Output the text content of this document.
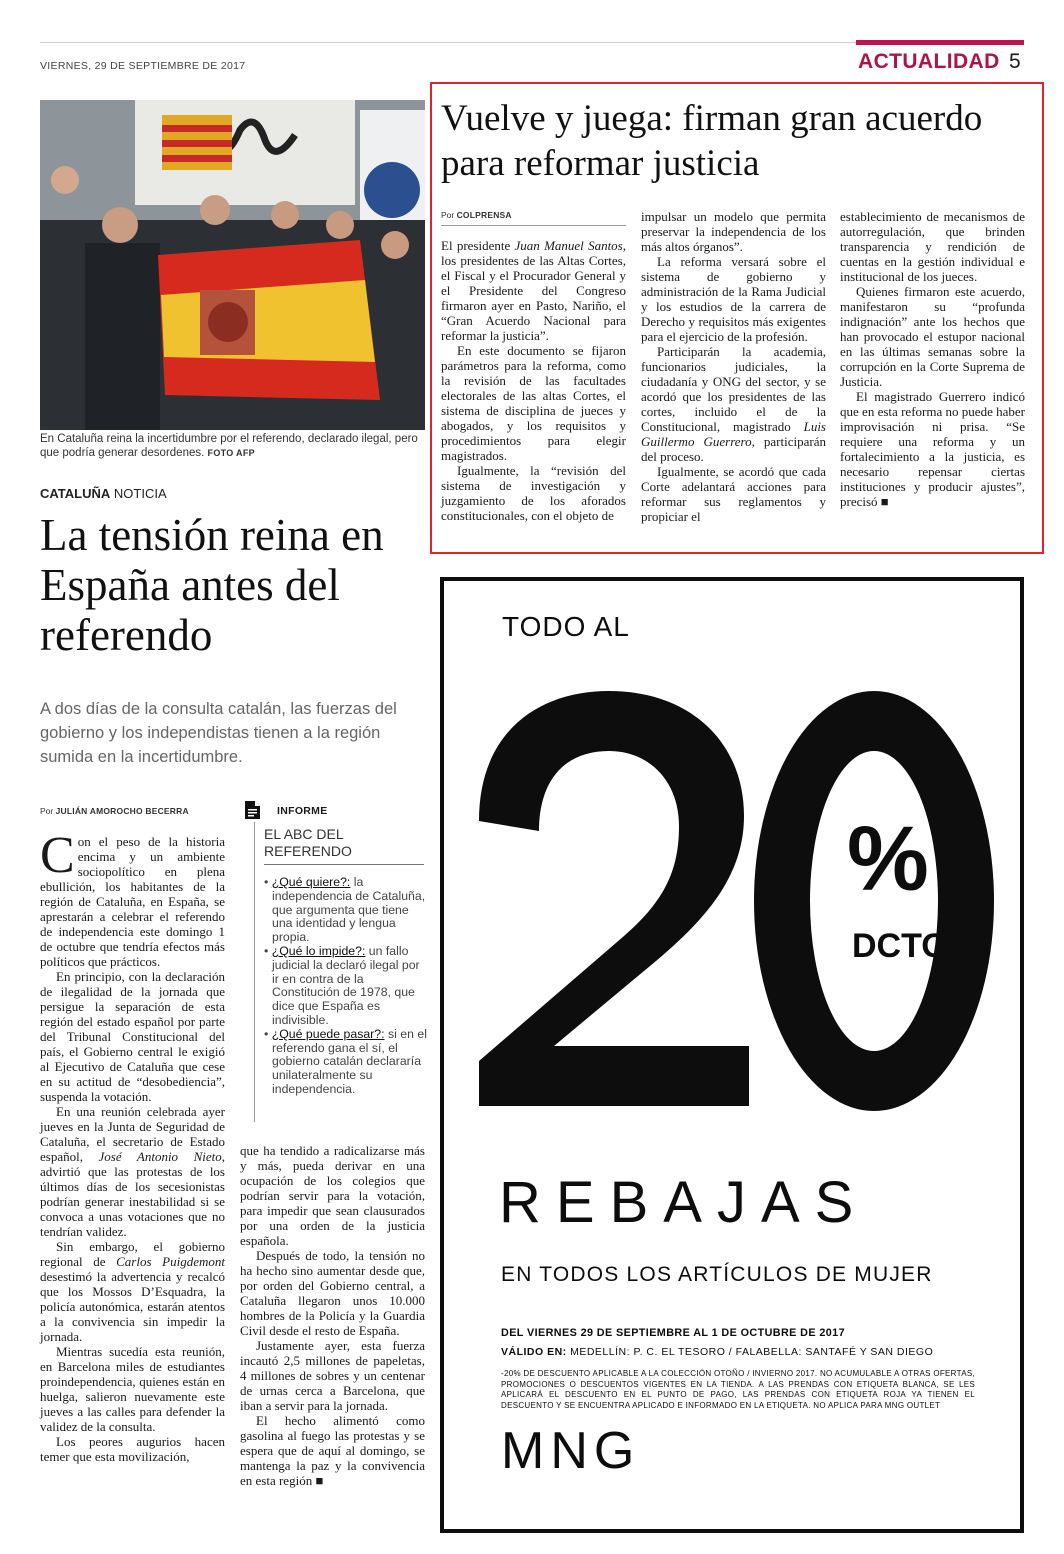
VIERNES, 29 DE SEPTIEMBRE DE 2017	ACTUALIDAD 5
En Cataluña reina la incertidumbre por el referendo, declarado ilegal, pero que podría generar desordenes. FOTO AFP
CATALUÑA NOTICIA
La tensión reina en España antes del referendo
A dos días de la consulta catalán, las fuerzas del gobierno y los independistas tienen a la región sumida en la incertidumbre.
Por JULIÁN AMOROCHO BECERRA

Con el peso de la historia encima y un ambiente sociopolítico en plena ebullición, los habitantes de la región de Cataluña, en España, se aprestarán a celebrar el referendo de independencia este domingo 1 de octubre que tendría efectos más políticos que prácticos.

En principio, con la declaración de ilegalidad de la jornada que persigue la separación de esta región del estado español por parte del Tribunal Constitucional del país, el Gobierno central le exigió al Ejecutivo de Cataluña que cese en su actitud de “desobediencia”, suspenda la votación.

En una reunión celebrada ayer jueves en la Junta de Seguridad de Cataluña, el secretario de Estado español, José Antonio Nieto, advirtió que las protestas de los últimos días de los secesionistas podrían generar inestabilidad si se convoca a unas votaciones que no tendrían validez.

Sin embargo, el gobierno regional de Carlos Puigdemont desestimó la advertencia y recalcó que los Mossos D’Esquadra, la policía autonómica, estarán atentos a la convivencia sin impedir la jornada.

Mientras sucedía esta reunión, en Barcelona miles de estudiantes proindependencia, quienes están en huelga, salieron nuevamente este jueves a las calles para defender la validez de la consulta.

Los peores augurios hacen temer que esta movilización,

que ha tendido a radicalizarse más y más, pueda derivar en una ocupación de los colegios que podrían servir para la votación, para impedir que sean clausurados por una orden de la justicia española.

Después de todo, la tensión no ha hecho sino aumentar desde que, por orden del Gobierno central, a Cataluña llegaron unos 10.000 hombres de la Policía y la Guardia Civil desde el resto de España.

Justamente ayer, esta fuerza incautó 2,5 millones de papeletas, 4 millones de sobres y un centenar de urnas cerca a Barcelona, que iban a servir para la jornada.

El hecho alimentó como gasolina al fuego las protestas y se espera que de aquí al domingo, se mantenga la paz y la convivencia en esta región ■

INFORME
EL ABC DEL REFERENDO
• ¿Qué quiere?: la independencia de Cataluña, que argumenta que tiene una identidad y lengua propia.
• ¿Qué lo impide?: un fallo judicial la declaró ilegal por ir en contra de la Constitución de 1978, que dice que España es indivisible.
• ¿Qué puede pasar?: si en el referendo gana el sí, el gobierno catalán declararía unilateralmente su independencia.
Vuelve y juega: firman gran acuerdo para reformar justicia
Por COLPRENSA

El presidente Juan Manuel Santos, los presidentes de las Altas Cortes, el Fiscal y el Procurador General y el Presidente del Congreso firmaron ayer en Pasto, Nariño, el “Gran Acuerdo Nacional para reformar la justicia”.

En este documento se fijaron parámetros para la reforma, como la revisión de las facultades electorales de las altas Cortes, el sistema de disciplina de jueces y abogados, y los requisitos y procedimientos para elegir magistrados.

Igualmente, la “revisión del sistema de investigación y juzgamiento de los aforados constitucionales, con el objeto de

impulsar un modelo que permita preservar la independencia de los más altos órganos”.

La reforma versará sobre el sistema de gobierno y administración de la Rama Judicial y los estudios de la carrera de Derecho y requisitos más exigentes para el ejercicio de la profesión.

Participarán la academia, funcionarios judiciales, la ciudadanía y ONG del sector, y se acordó que los presidentes de las cortes, incluido el de la Constitucional, magistrado Luis Guillermo Guerrero, participarán del proceso.

Igualmente, se acordó que cada Corte adelantará acciones para reformar sus reglamentos y propiciar el

establecimiento de mecanismos de autorregulación, que brinden transparencia y rendición de cuentas en la gestión individual e institucional de los jueces.

Quienes firmaron este acuerdo, manifestaron su “profunda indignación” ante los hechos que han provocado el estupor nacional en las últimas semanas sobre la corrupción en la Corte Suprema de Justicia.

El magistrado Guerrero indicó que en esta reforma no puede haber improvisación ni prisa. “Se requiere una reforma y un fortalecimiento a la justicia, es necesario repensar ciertas instituciones y producir ajustes”, precisó ■

TODO AL
%
DCTO.
REBAJAS
EN TODOS LOS ARTÍCULOS DE MUJER
DEL VIERNES 29 DE SEPTIEMBRE AL 1 DE OCTUBRE DE 2017
VÁLIDO EN: MEDELLÍN: P. C. EL TESORO / FALABELLA: SANTAFÉ Y SAN DIEGO
-20% DE DESCUENTO APLICABLE A LA COLECCIÓN OTOÑO / INVIERNO 2017. NO ACUMULABLE A OTRAS OFERTAS, PROMOCIONES O DESCUENTOS VIGENTES EN LA TIENDA. A LAS PRENDAS CON ETIQUETA BLANCA, SE LES APLICARÁ EL DESCUENTO EN EL PUNTO DE PAGO, LAS PRENDAS CON ETIQUETA ROJA YA TIENEN EL DESCUENTO Y SE ENCUENTRA APLICADO E INFORMADO EN LA ETIQUETA. NO APLICA PARA MNG OUTLET
MNG
